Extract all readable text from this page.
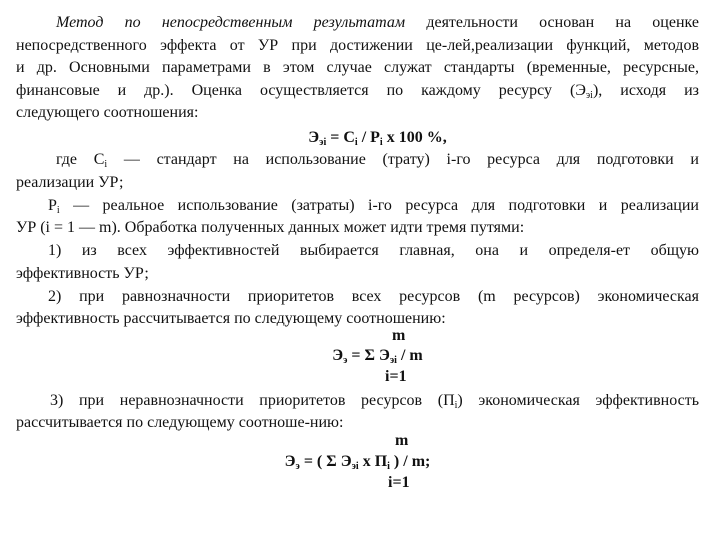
Метод по непосредственным результатам деятельности основан на оценке
непосредственного эффекта от УР при достижении це-лей,реализации функций, методов
и др. Основными параметрами в этом случае служат стандарты (временные, ресурсные,
финансовые и др.). Оценка осуществляется по каждому ресурсу $(Э_{эi})$, исходя из
следующего соотношения:
$Э_{эi} = C_i / P_i$ x 100 %,
где $C_i$ — стандарт на использование (трату) i-го ресурса для подготовки и
реализации УР;
$P_i$ — реальное использование (затраты) i-го ресурса для подготовки и реализации
УР (i = 1 — m). Обработка полученных данных может идти тремя путями:
1) из всех эффективностей выбирается главная, она и определя-ет общую
эффективность УР;
2) при равнозначности приоритетов всех ресурсов (m ресурсов) экономическая
эффективность рассчитывается по следующему соотношению:
m
$Э_э = \Sigma$ $Э_{эi}$ / m
i=1
3) при неравнозначности приоритетов ресурсов $(П_i)$ экономическая эффективность
рассчитывается по следующему соотноше-нию:
m
$Э_э$ = ( Σ $Э_{эi}$ x $П_i$ ) / m;
i=1
